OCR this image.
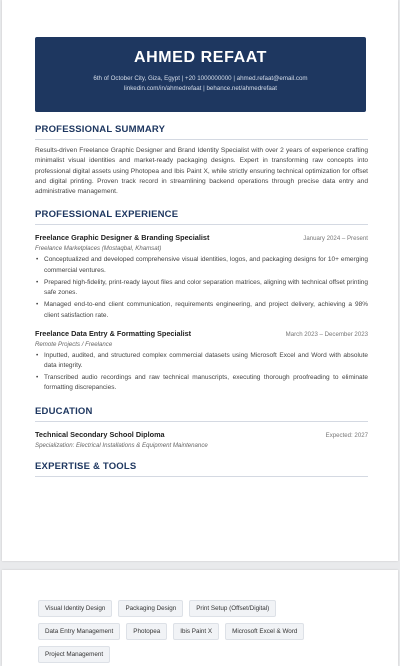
AHMED REFAAT
6th of October City, Giza, Egypt | +20 1000000000 | ahmed.refaat@email.com
linkedin.com/in/ahmedrefaat | behance.net/ahmedrefaat
PROFESSIONAL SUMMARY
Results-driven Freelance Graphic Designer and Brand Identity Specialist with over 2 years of experience crafting minimalist visual identities and market-ready packaging designs. Expert in transforming raw concepts into professional digital assets using Photopea and Ibis Paint X, while strictly ensuring technical optimization for offset and digital printing. Proven track record in streamlining backend operations through precise data entry and administrative management.
PROFESSIONAL EXPERIENCE
Freelance Graphic Designer & Branding Specialist	January 2024 – Present
Freelance Marketplaces (Mostaqbal, Khamsat)
• Conceptualized and developed comprehensive visual identities, logos, and packaging designs for 10+ emerging commercial ventures.
• Prepared high-fidelity, print-ready layout files and color separation matrices, aligning with technical offset printing safe zones.
• Managed end-to-end client communication, requirements engineering, and project delivery, achieving a 98% client satisfaction rate.
Freelance Data Entry & Formatting Specialist	March 2023 – December 2023
Remote Projects / Freelance
• Inputted, audited, and structured complex commercial datasets using Microsoft Excel and Word with absolute data integrity.
• Transcribed audio recordings and raw technical manuscripts, executing thorough proofreading to eliminate formatting discrepancies.
EDUCATION
Technical Secondary School Diploma	Expected: 2027
Specialization: Electrical Installations & Equipment Maintenance
EXPERTISE & TOOLS
Visual Identity Design	Packaging Design	Print Setup (Offset/Digital)
Data Entry Management	Photopea	Ibis Paint X	Microsoft Excel & Word
Project Management
